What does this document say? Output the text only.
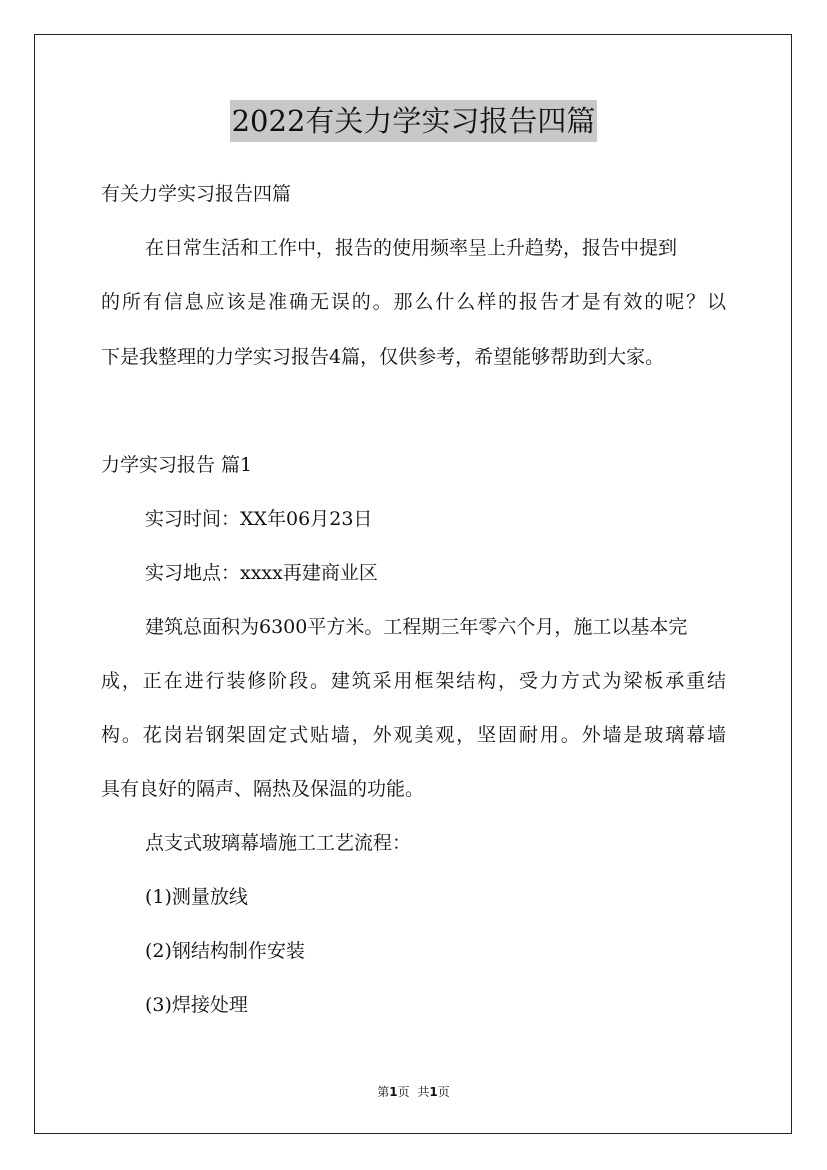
2022有关力学实习报告四篇
有关力学实习报告四篇
在日常生活和工作中，报告的使用频率呈上升趋势，报告中提到
的所有信息应该是准确无误的。那么什么样的报告才是有效的呢？以
下是我整理的力学实习报告4篇，仅供参考，希望能够帮助到大家。
力学实习报告 篇1
实习时间：XX年06月23日
实习地点：xxxx再建商业区
建筑总面积为6300平方米。工程期三年零六个月，施工以基本完
成，正在进行装修阶段。建筑采用框架结构，受力方式为梁板承重结
构。花岗岩钢架固定式贴墙，外观美观，坚固耐用。外墙是玻璃幕墙
具有良好的隔声、隔热及保温的功能。
点支式玻璃幕墙施工工艺流程：
(1)测量放线
(2)钢结构制作安装
(3)焊接处理
第1页 共1页
